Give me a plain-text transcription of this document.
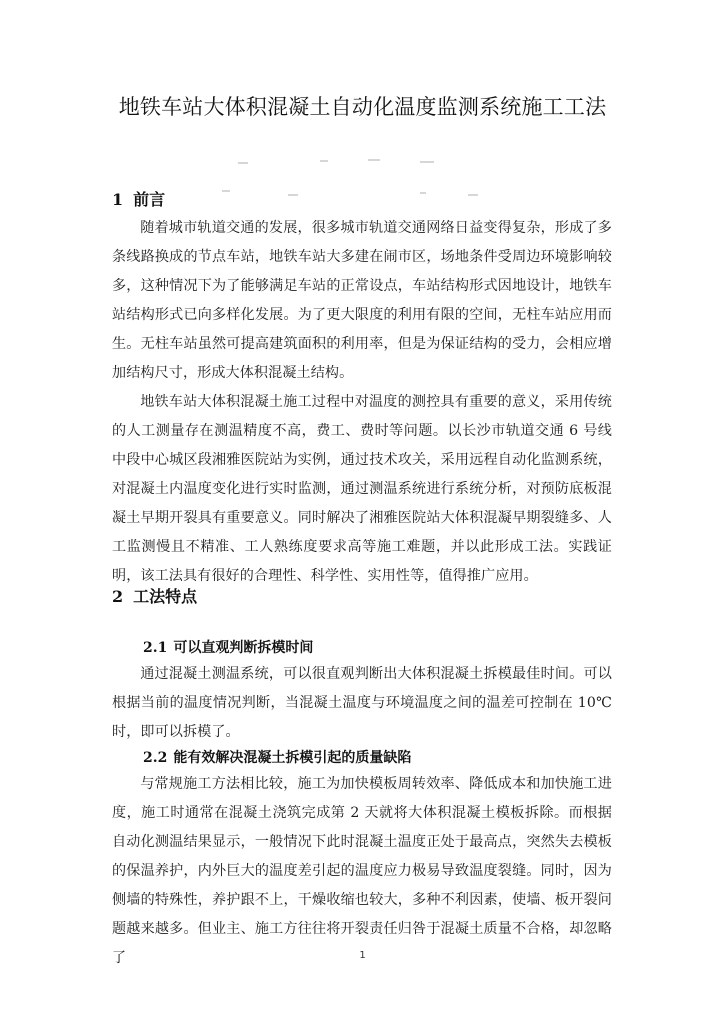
地铁车站大体积混凝土自动化温度监测系统施工工法
1 前言
随着城市轨道交通的发展，很多城市轨道交通网络日益变得复杂，形成了多条线路换成的节点车站，地铁车站大多建在闹市区，场地条件受周边环境影响较多，这种情况下为了能够满足车站的正常设点，车站结构形式因地设计，地铁车站结构形式已向多样化发展。为了更大限度的利用有限的空间，无柱车站应用而生。无柱车站虽然可提高建筑面积的利用率，但是为保证结构的受力，会相应增加结构尺寸，形成大体积混凝土结构。
地铁车站大体积混凝土施工过程中对温度的测控具有重要的意义，采用传统的人工测量存在测温精度不高，费工、费时等问题。以长沙市轨道交通 6 号线中段中心城区段湘雅医院站为实例，通过技术攻关，采用远程自动化监测系统，对混凝土内温度变化进行实时监测，通过测温系统进行系统分析，对预防底板混凝土早期开裂具有重要意义。同时解决了湘雅医院站大体积混凝早期裂缝多、人工监测慢且不精准、工人熟练度要求高等施工难题，并以此形成工法。实践证明，该工法具有很好的合理性、科学性、实用性等，值得推广应用。
2 工法特点
2.1 可以直观判断拆模时间
通过混凝土测温系统，可以很直观判断出大体积混凝土拆模最佳时间。可以根据当前的温度情况判断，当混凝土温度与环境温度之间的温差可控制在 10℃时，即可以拆模了。
2.2 能有效解决混凝土拆模引起的质量缺陷
与常规施工方法相比较，施工为加快模板周转效率、降低成本和加快施工进度，施工时通常在混凝土浇筑完成第 2 天就将大体积混凝土模板拆除。而根据自动化测温结果显示，一般情况下此时混凝土温度正处于最高点，突然失去模板的保温养护，内外巨大的温度差引起的温度应力极易导致温度裂缝。同时，因为侧墙的特殊性，养护跟不上，干燥收缩也较大，多种不利因素，使墙、板开裂问题越来越多。但业主、施工方往往将开裂责任归咎于混凝土质量不合格，却忽略了	1
